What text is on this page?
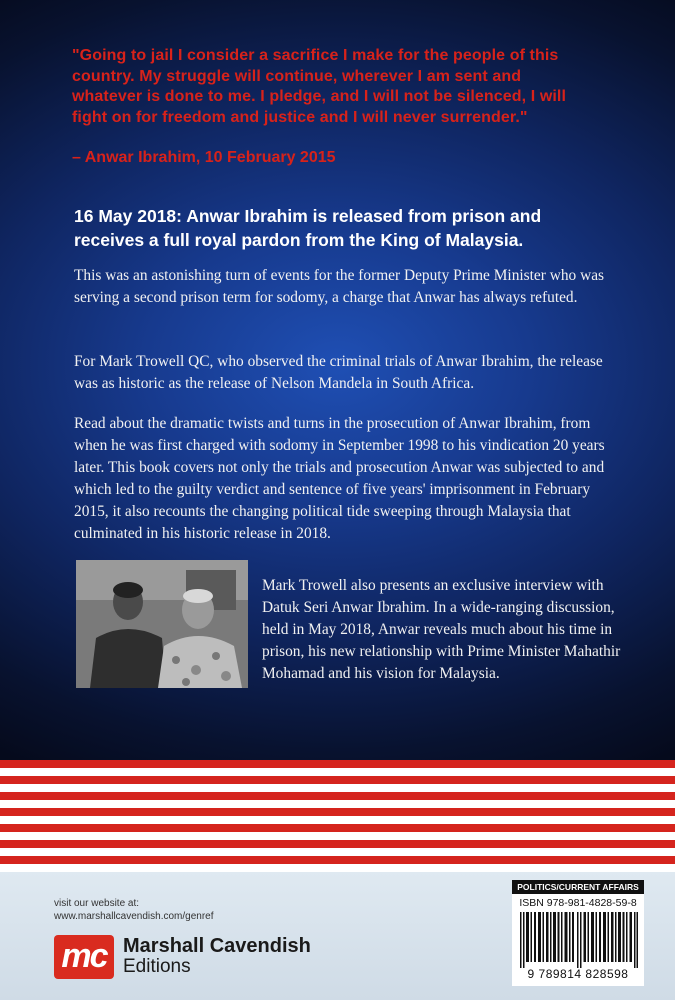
"Going to jail I consider a sacrifice I make for the people of this country. My struggle will continue, wherever I am sent and whatever is done to me. I pledge, and I will not be silenced, I will fight on for freedom and justice and I will never surrender."

– Anwar Ibrahim, 10 February 2015

16 May 2018: Anwar Ibrahim is released from prison and receives a full royal pardon from the King of Malaysia.

This was an astonishing turn of events for the former Deputy Prime Minister who was serving a second prison term for sodomy, a charge that Anwar has always refuted.

For Mark Trowell QC, who observed the criminal trials of Anwar Ibrahim, the release was as historic as the release of Nelson Mandela in South Africa.

Read about the dramatic twists and turns in the prosecution of Anwar Ibrahim, from when he was first charged with sodomy in September 1998 to his vindication 20 years later. This book covers not only the trials and prosecution Anwar was subjected to and which led to the guilty verdict and sentence of five years' imprisonment in February 2015, it also recounts the changing political tide sweeping through Malaysia that culminated in his historic release in 2018.

Mark Trowell also presents an exclusive interview with Datuk Seri Anwar Ibrahim. In a wide-ranging discussion, held in May 2018, Anwar reveals much about his time in prison, his new relationship with Prime Minister Mahathir Mohamad and his vision for Malaysia.

visit our website at:
www.marshallcavendish.com/genref

mc Marshall Cavendish
Editions
POLITICS/CURRENT AFFAIRS
ISBN 978-981-4828-59-8
9 789814 828598
